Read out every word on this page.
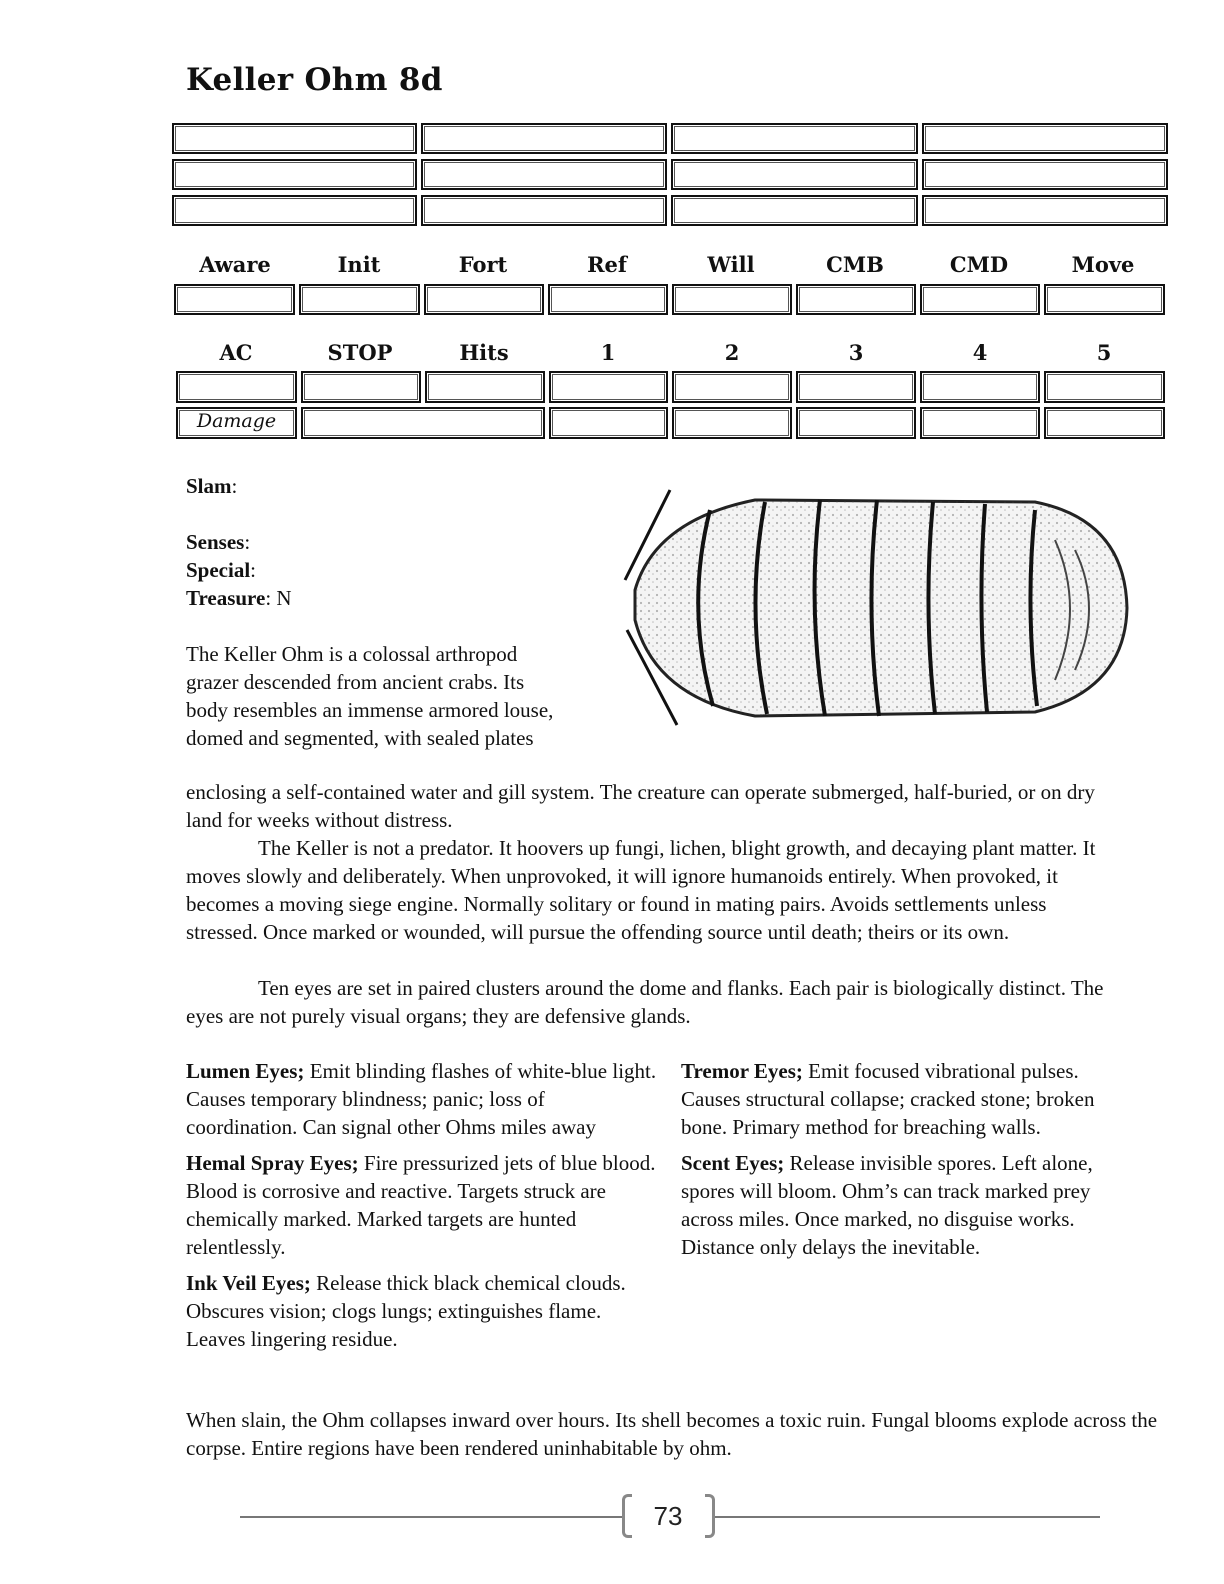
Keller Ohm 8d
Aware	Init	Fort	Ref	Will	CMB	CMD	Move
AC	STOP	Hits	1	2	3	4	5
Damage
Slam:
Senses:
Special:
Treasure: N
The Keller Ohm is a colossal arthropod grazer descended from ancient crabs. Its body resembles an immense armored louse, domed and segmented, with sealed plates
enclosing a self-contained water and gill system. The creature can operate submerged, half-buried, or on dry land for weeks without distress.
The Keller is not a predator. It hoovers up fungi, lichen, blight growth, and decaying plant matter. It moves slowly and deliberately. When unprovoked, it will ignore humanoids entirely. When provoked, it becomes a moving siege engine. Normally solitary or found in mating pairs. Avoids settlements unless stressed. Once marked or wounded, will pursue the offending source until death; theirs or its own.
Ten eyes are set in paired clusters around the dome and flanks. Each pair is biologically distinct. The eyes are not purely visual organs; they are defensive glands.
Lumen Eyes; Emit blinding flashes of white-blue light. Causes temporary blindness; panic; loss of coordination. Can signal other Ohms miles away
Hemal Spray Eyes; Fire pressurized jets of blue blood. Blood is corrosive and reactive. Targets struck are chemically marked. Marked targets are hunted relentlessly.
Ink Veil Eyes; Release thick black chemical clouds. Obscures vision; clogs lungs; extinguishes flame. Leaves lingering residue.
Tremor Eyes; Emit focused vibrational pulses. Causes structural collapse; cracked stone; broken bone. Primary method for breaching walls.
Scent Eyes; Release invisible spores. Left alone, spores will bloom. Ohm’s can track marked prey across miles. Once marked, no disguise works. Distance only delays the inevitable.
When slain, the Ohm collapses inward over hours. Its shell becomes a toxic ruin. Fungal blooms explode across the corpse. Entire regions have been rendered uninhabitable by ohm.
73
